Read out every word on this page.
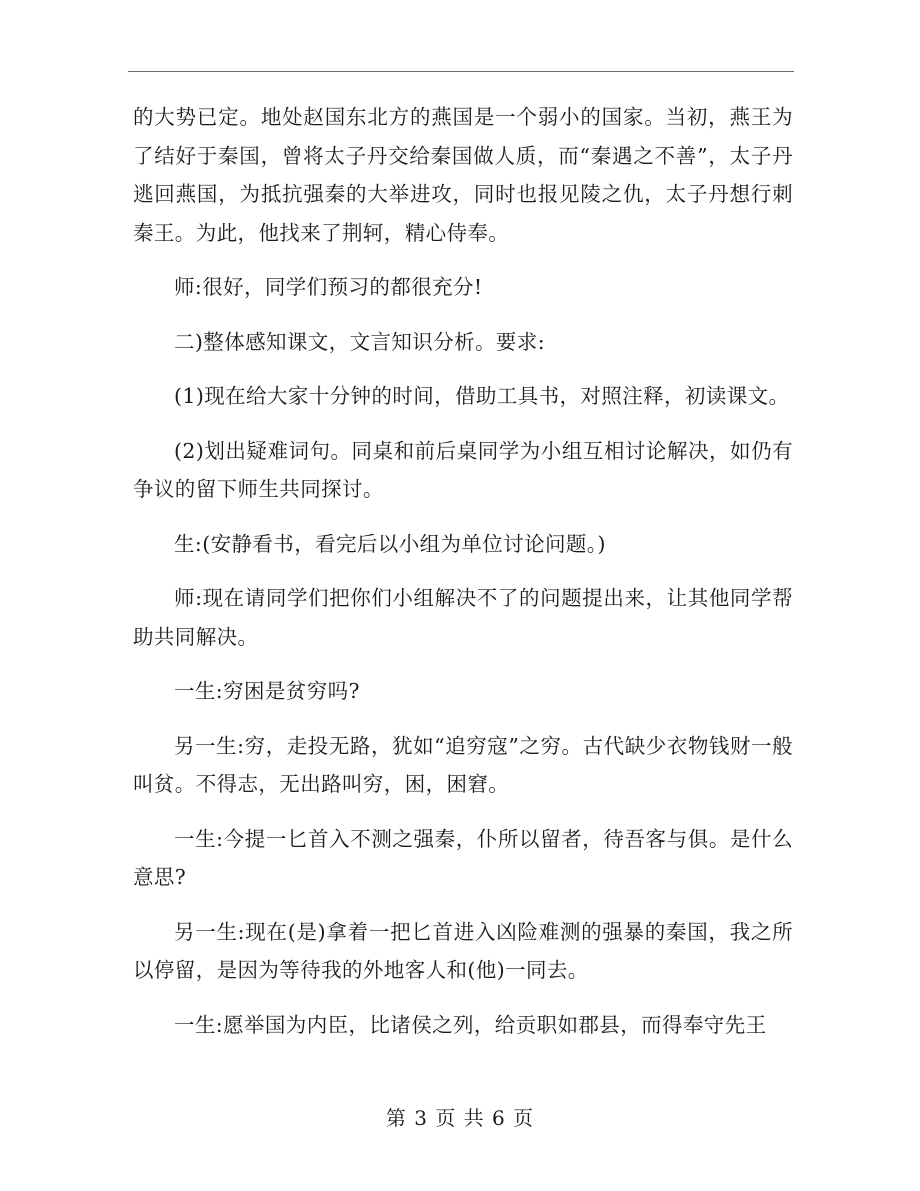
的大势已定。地处赵国东北方的燕国是一个弱小的国家。当初，燕王为了结好于秦国，曾将太子丹交给秦国做人质，而“秦遇之不善”，太子丹逃回燕国，为抵抗强秦的大举进攻，同时也报见陵之仇，太子丹想行刺秦王。为此，他找来了荆轲，精心侍奉。

师:很好，同学们预习的都很充分!

二)整体感知课文，文言知识分析。要求:

(1)现在给大家十分钟的时间，借助工具书，对照注释，初读课文。

(2)划出疑难词句。同桌和前后桌同学为小组互相讨论解决，如仍有争议的留下师生共同探讨。

生:(安静看书，看完后以小组为单位讨论问题。)

师:现在请同学们把你们小组解决不了的问题提出来，让其他同学帮助共同解决。

一生:穷困是贫穷吗?

另一生:穷，走投无路，犹如“追穷寇”之穷。古代缺少衣物钱财一般叫贫。不得志，无出路叫穷，困，困窘。

一生:今提一匕首入不测之强秦，仆所以留者，待吾客与俱。是什么意思?

另一生:现在(是)拿着一把匕首进入凶险难测的强暴的秦国，我之所以停留，是因为等待我的外地客人和(他)一同去。

一生:愿举国为内臣，比诸侯之列，给贡职如郡县，而得奉守先王

第 3 页 共 6 页
